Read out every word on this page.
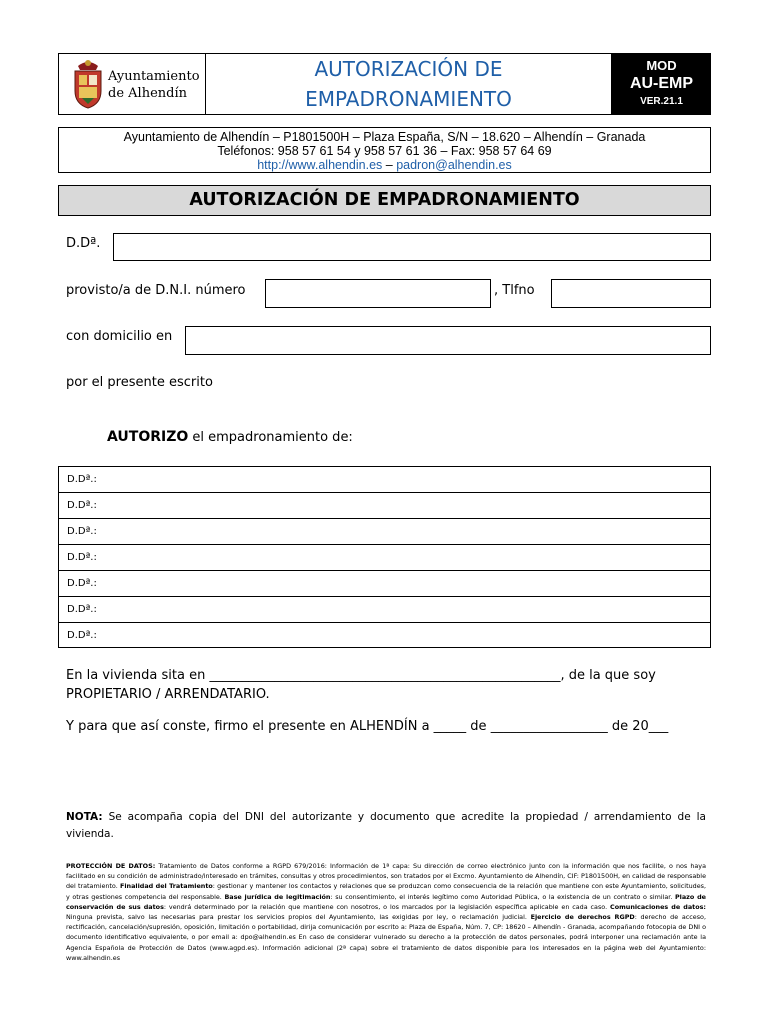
Ayuntamiento
de Alhendín
AUTORIZACIÓN DE
EMPADRONAMIENTO
MOD
AU-EMP
VER.21.1
Ayuntamiento de Alhendín – P1801500H – Plaza España, S/N – 18.620 – Alhendín – Granada
Teléfonos: 958 57 61 54 y 958 57 61 36 – Fax: 958 57 64 69
http://www.alhendin.es – padron@alhendin.es
AUTORIZACIÓN DE EMPADRONAMIENTO
D.Dª.
provisto/a de D.N.I. número	, Tlfno
con domicilio en
por el presente escrito
AUTORIZO el empadronamiento de:
D.Dª.:
D.Dª.:
D.Dª.:
D.Dª.:
D.Dª.:
D.Dª.:
D.Dª.:
En la vivienda sita en ______________________________________________________, de la que soy
PROPIETARIO / ARRENDATARIO.
Y para que así conste, firmo el presente en ALHENDÍN a _____ de __________________ de 20___
NOTA: Se acompaña copia del DNI del autorizante y documento que acredite la propiedad / arrendamiento de la vivienda.
PROTECCIÓN DE DATOS: Tratamiento de Datos conforme a RGPD 679/2016: Información de 1ª capa: Su dirección de correo electrónico junto con la información que nos facilite, o nos haya facilitado en su condición de administrado/interesado en trámites, consultas y otros procedimientos, son tratados por el Excmo. Ayuntamiento de Alhendín, CIF: P1801500H, en calidad de responsable del tratamiento. Finalidad del Tratamiento: gestionar y mantener los contactos y relaciones que se produzcan como consecuencia de la relación que mantiene con este Ayuntamiento, solicitudes, y otras gestiones competencia del responsable. Base jurídica de legitimación: su consentimiento, el interés legítimo como Autoridad Pública, o la existencia de un contrato o similar. Plazo de conservación de sus datos: vendrá determinado por la relación que mantiene con nosotros, o los marcados por la legislación específica aplicable en cada caso. Comunicaciones de datos: Ninguna prevista, salvo las necesarias para prestar los servicios propios del Ayuntamiento, las exigidas por ley, o reclamación judicial. Ejercicio de derechos RGPD: derecho de acceso, rectificación, cancelación/supresión, oposición, limitación o portabilidad, dirija comunicación por escrito a: Plaza de España, Núm. 7, CP: 18620 – Alhendín - Granada, acompañando fotocopia de DNI o documento identificativo equivalente, o por email a: dpo@alhendin.es En caso de considerar vulnerado su derecho a la protección de datos personales, podrá interponer una reclamación ante la Agencia Española de Protección de Datos (www.agpd.es). Información adicional (2ª capa) sobre el tratamiento de datos disponible para los interesados en la página web del Ayuntamiento: www.alhendin.es
